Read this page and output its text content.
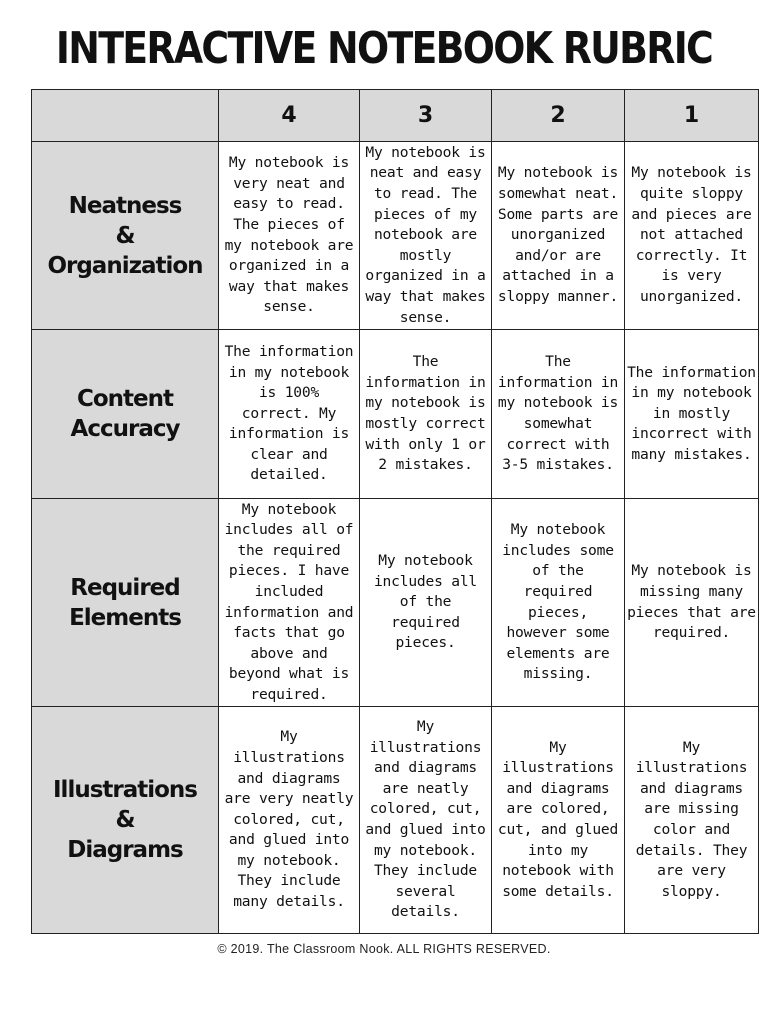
INTERACTIVE NOTEBOOK RUBRIC
	4	3	2	1

Neatness
&
Organization	My notebook is very neat and easy to read. The pieces of my notebook are organized in a way that makes sense.	My notebook is neat and easy to read. The pieces of my notebook are mostly organized in a way that makes sense.	My notebook is somewhat neat. Some parts are unorganized and/or are attached in a sloppy manner.	My notebook is quite sloppy and pieces are not attached correctly. It is very unorganized.

Content
Accuracy	The information in my notebook is 100% correct. My information is clear and detailed.	The information in my notebook is mostly correct with only 1 or 2 mistakes.	The information in my notebook is somewhat correct with 3-5 mistakes.	The information in my notebook in mostly incorrect with many mistakes.

Required
Elements	My notebook includes all of the required pieces. I have included information and facts that go above and beyond what is required.	My notebook includes all of the required pieces.	My notebook includes some of the required pieces, however some elements are missing.	My notebook is missing many pieces that are required.

Illustrations
&
Diagrams	My illustrations and diagrams are very neatly colored, cut, and glued into my notebook. They include many details.	My illustrations and diagrams are neatly colored, cut, and glued into my notebook. They include several details.	My illustrations and diagrams are colored, cut, and glued into my notebook with some details.	My illustrations and diagrams are missing color and details. They are very sloppy.
© 2019. The Classroom Nook. ALL RIGHTS RESERVED.
